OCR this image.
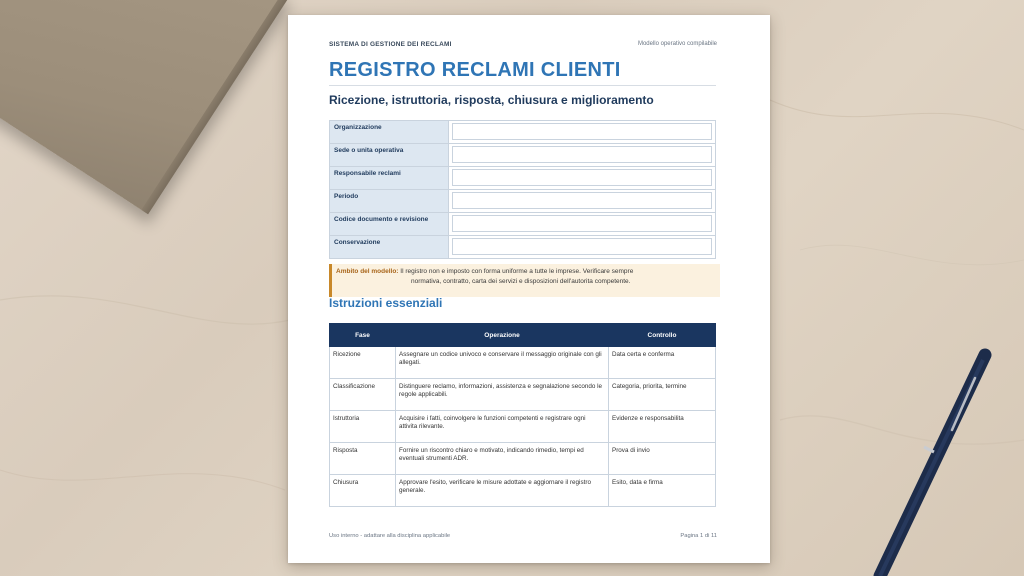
SISTEMA DI GESTIONE DEI RECLAMI	Modello operativo compilabile
REGISTRO RECLAMI CLIENTI
Ricezione, istruttoria, risposta, chiusura e miglioramento
Organizzazione	

Sede o unita operativa	

Responsabile reclami	

Periodo	

Codice documento e revisione	

Conservazione	
Ambito del modello: Il registro non e imposto con forma uniforme a tutte le imprese. Verificare sempre
normativa, contratto, carta dei servizi e disposizioni dell'autorita competente.
Istruzioni essenziali
Fase	Operazione	Controllo
Ricezione	Assegnare un codice univoco e conservare il messaggio originale con gli allegati.	Data certa e conferma
Classificazione	Distinguere reclamo, informazioni, assistenza e segnalazione secondo le regole applicabili.	Categoria, priorita, termine
Istruttoria	Acquisire i fatti, coinvolgere le funzioni competenti e registrare ogni attivita rilevante.	Evidenze e responsabilita
Risposta	Fornire un riscontro chiaro e motivato, indicando rimedio, tempi ed eventuali strumenti ADR.	Prova di invio
Chiusura	Approvare l'esito, verificare le misure adottate e aggiornare il registro generale.	Esito, data e firma
Uso interno - adattare alla disciplina applicabile	Pagina 1 di 11
